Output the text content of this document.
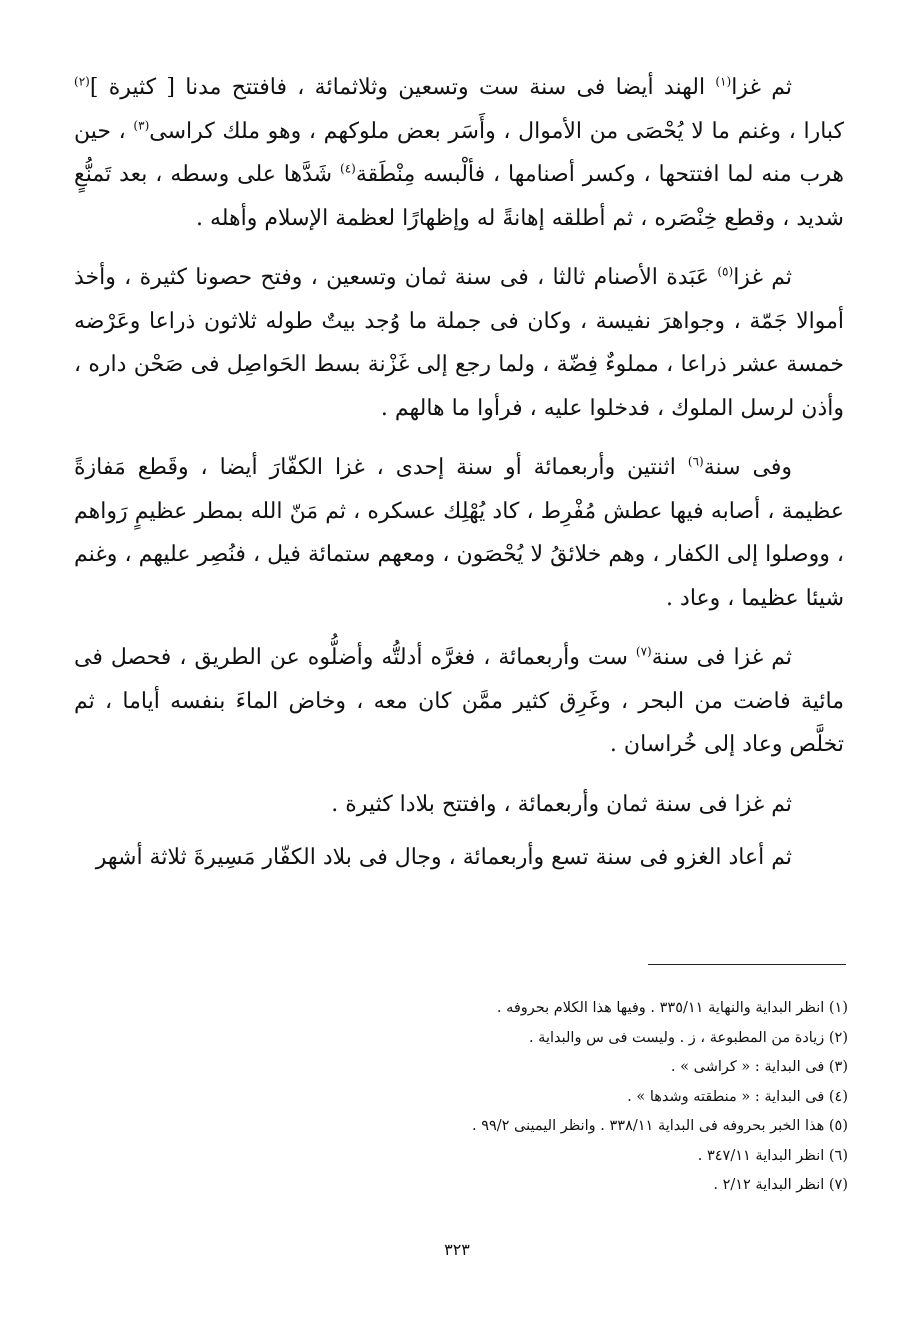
ثم غزا$^{(١)}$ الهند أيضا فى سنة ست وتسعين وثلاثمائة ، فافتتح مدنا [ كثيرة ]$^{(٢)}$ كبارا ، وغنم ما لا يُحْصَى من الأموال ، وأَسَر بعض ملوكهم ، وهو ملك كراسى$^{(٣)}$ ، حين هرب منه لما افتتحها ، وكسر أصنامها ، فألْبسه مِنْطَقة$^{(٤)}$ شَدَّها على وسطه ، بعد تَمنُّعٍ شديد ، وقطع خِنْصَره ، ثم أطلقه إهانةً له وإظهارًا لعظمة الإسلام وأهله .

ثم غزا$^{(٥)}$ عَبَدة الأصنام ثالثا ، فى سنة ثمان وتسعين ، وفتح حصونا كثيرة ، وأخذ أموالا جَمّة ، وجواهرَ نفيسة ، وكان فى جملة ما وُجد بيتٌ طوله ثلاثون ذراعا وعَرْضه خمسة عشر ذراعا ، مملوءٌ فِضّة ، ولما رجع إلى غَزْنة بسط الحَواصِل فى صَحْن داره ، وأذن لرسل الملوك ، فدخلوا عليه ، فرأوا ما هالهم .

وفى سنة$^{(٦)}$ اثنتين وأربعمائة أو سنة إحدى ، غزا الكفّارَ أيضا ، وقَطع مَفازةً عظيمة ، أصابه فيها عطش مُفْرِط ، كاد يُهْلِك عسكره ، ثم مَنّ الله بمطر عظيمٍ رَواهم ، ووصلوا إلى الكفار ، وهم خلائقُ لا يُحْصَون ، ومعهم ستمائة فيل ، فنُصِر عليهم ، وغنم شيئا عظيما ، وعاد .

ثم غزا فى سنة$^{(٧)}$ ست وأربعمائة ، فغرَّه أدلتُّه وأضلُّوه عن الطريق ، فحصل فى مائية فاضت من البحر ، وغَرِق كثير ممَّن كان معه ، وخاض الماءَ بنفسه أياما ، ثم تخلَّص وعاد إلى خُراسان .

ثم غزا فى سنة ثمان وأربعمائة ، وافتتح بلادا كثيرة .

ثم أعاد الغزو فى سنة تسع وأربعمائة ، وجال فى بلاد الكفّار مَسِيرةَ ثلاثة أشهر

(١) انظر البداية والنهاية ٣٣٥/١١ . وفيها هذا الكلام بحروفه .
(٢) زيادة من المطبوعة ، ز . وليست فى س والبداية .
(٣) فى البداية : « كراشى » .
(٤) فى البداية : « منطقته وشدها » .
(٥) هذا الخبر بحروفه فى البداية ٣٣٨/١١ . وانظر اليمينى ٩٩/٢ .
(٦) انظر البداية ٣٤٧/١١ .
(٧) انظر البداية ٢/١٢ .
٣٢٣
